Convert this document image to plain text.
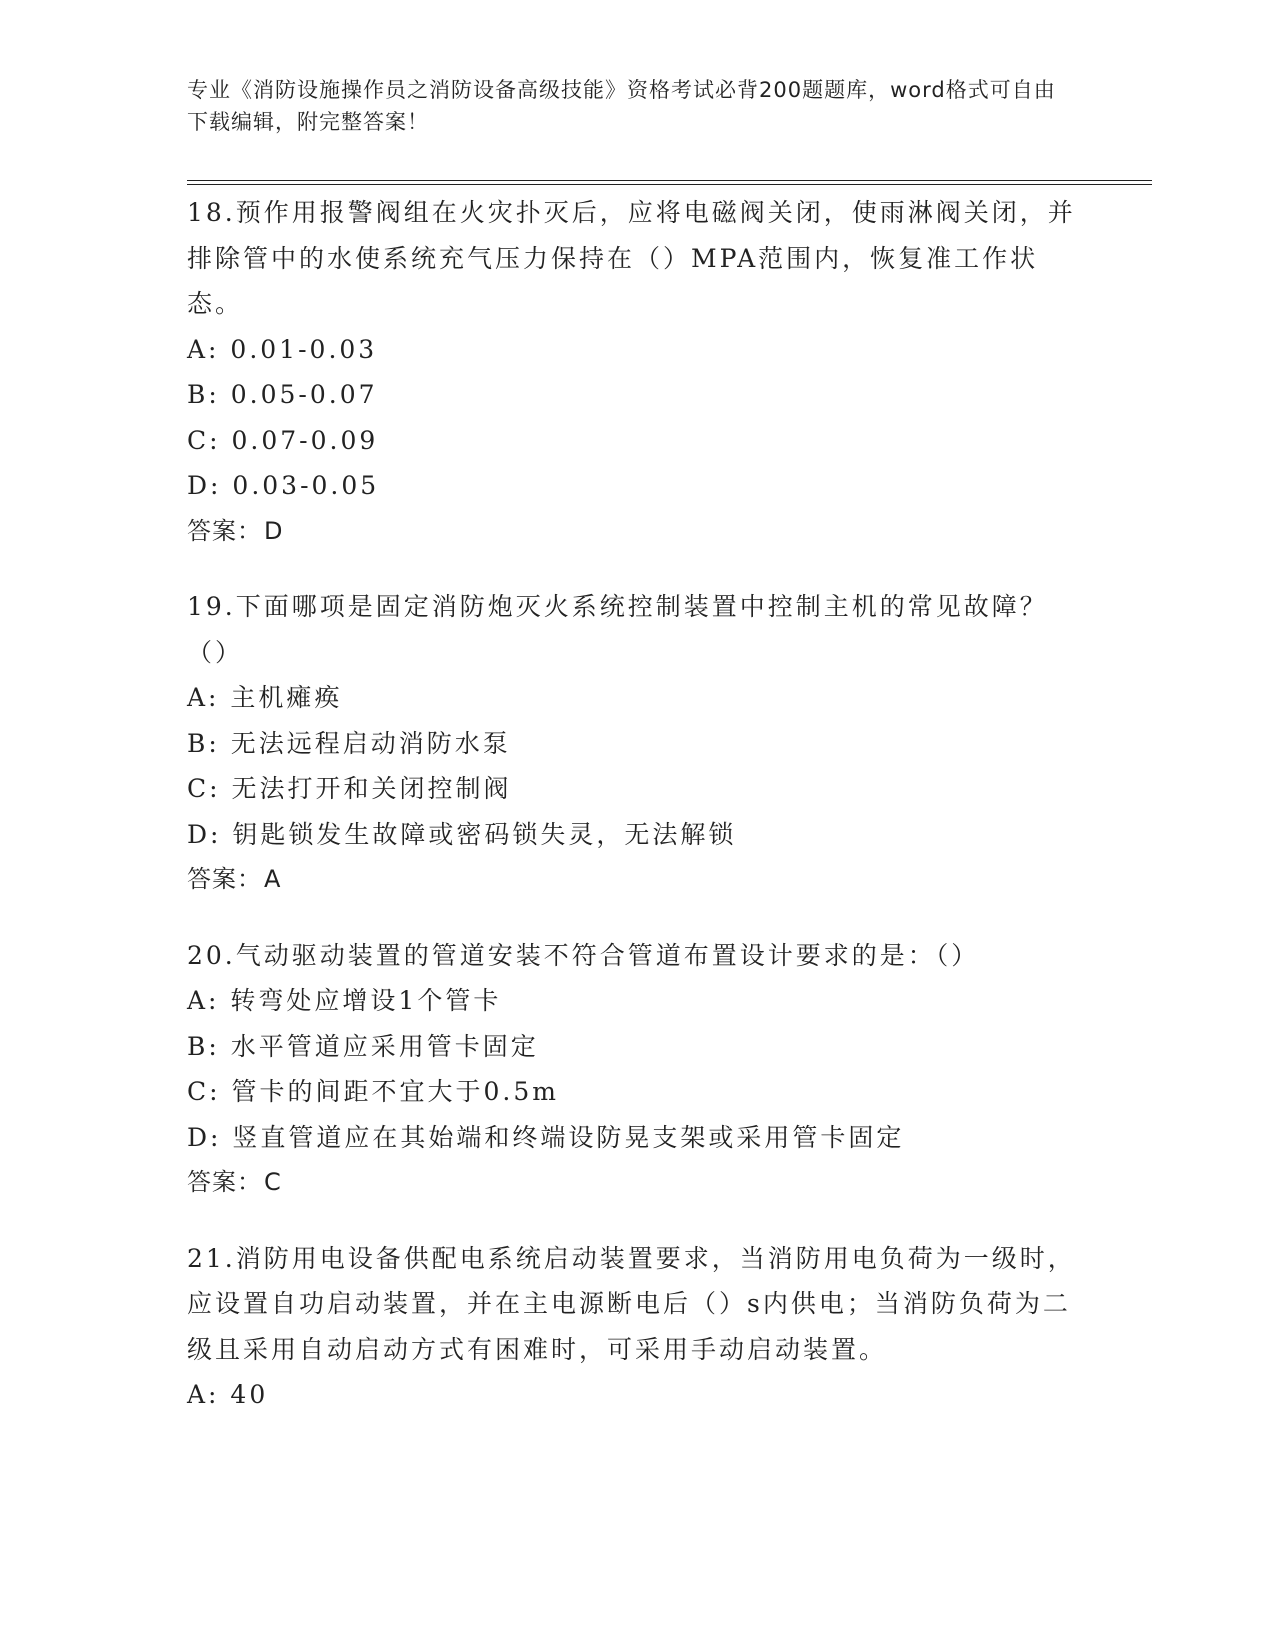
专业《消防设施操作员之消防设备高级技能》资格考试必背200题题库，word格式可自由下载编辑，附完整答案！
18.预作用报警阀组在火灾扑灭后，应将电磁阀关闭，使雨淋阀关闭，并排除管中的水使系统充气压力保持在（）MPA范围内，恢复准工作状态。
A: 0.01-0.03
B: 0.05-0.07
C: 0.07-0.09
D: 0.03-0.05
答案：D
19.下面哪项是固定消防炮灭火系统控制装置中控制主机的常见故障？（）
A: 主机瘫痪
B: 无法远程启动消防水泵
C: 无法打开和关闭控制阀
D: 钥匙锁发生故障或密码锁失灵，无法解锁
答案：A
20.气动驱动装置的管道安装不符合管道布置设计要求的是：（）
A: 转弯处应增设1个管卡
B: 水平管道应采用管卡固定
C: 管卡的间距不宜大于0.5m
D: 竖直管道应在其始端和终端设防晃支架或采用管卡固定
答案：C
21.消防用电设备供配电系统启动装置要求，当消防用电负荷为一级时，应设置自功启动装置，并在主电源断电后（）s内供电；当消防负荷为二级且采用自动启动方式有困难时，可采用手动启动装置。
A: 40
